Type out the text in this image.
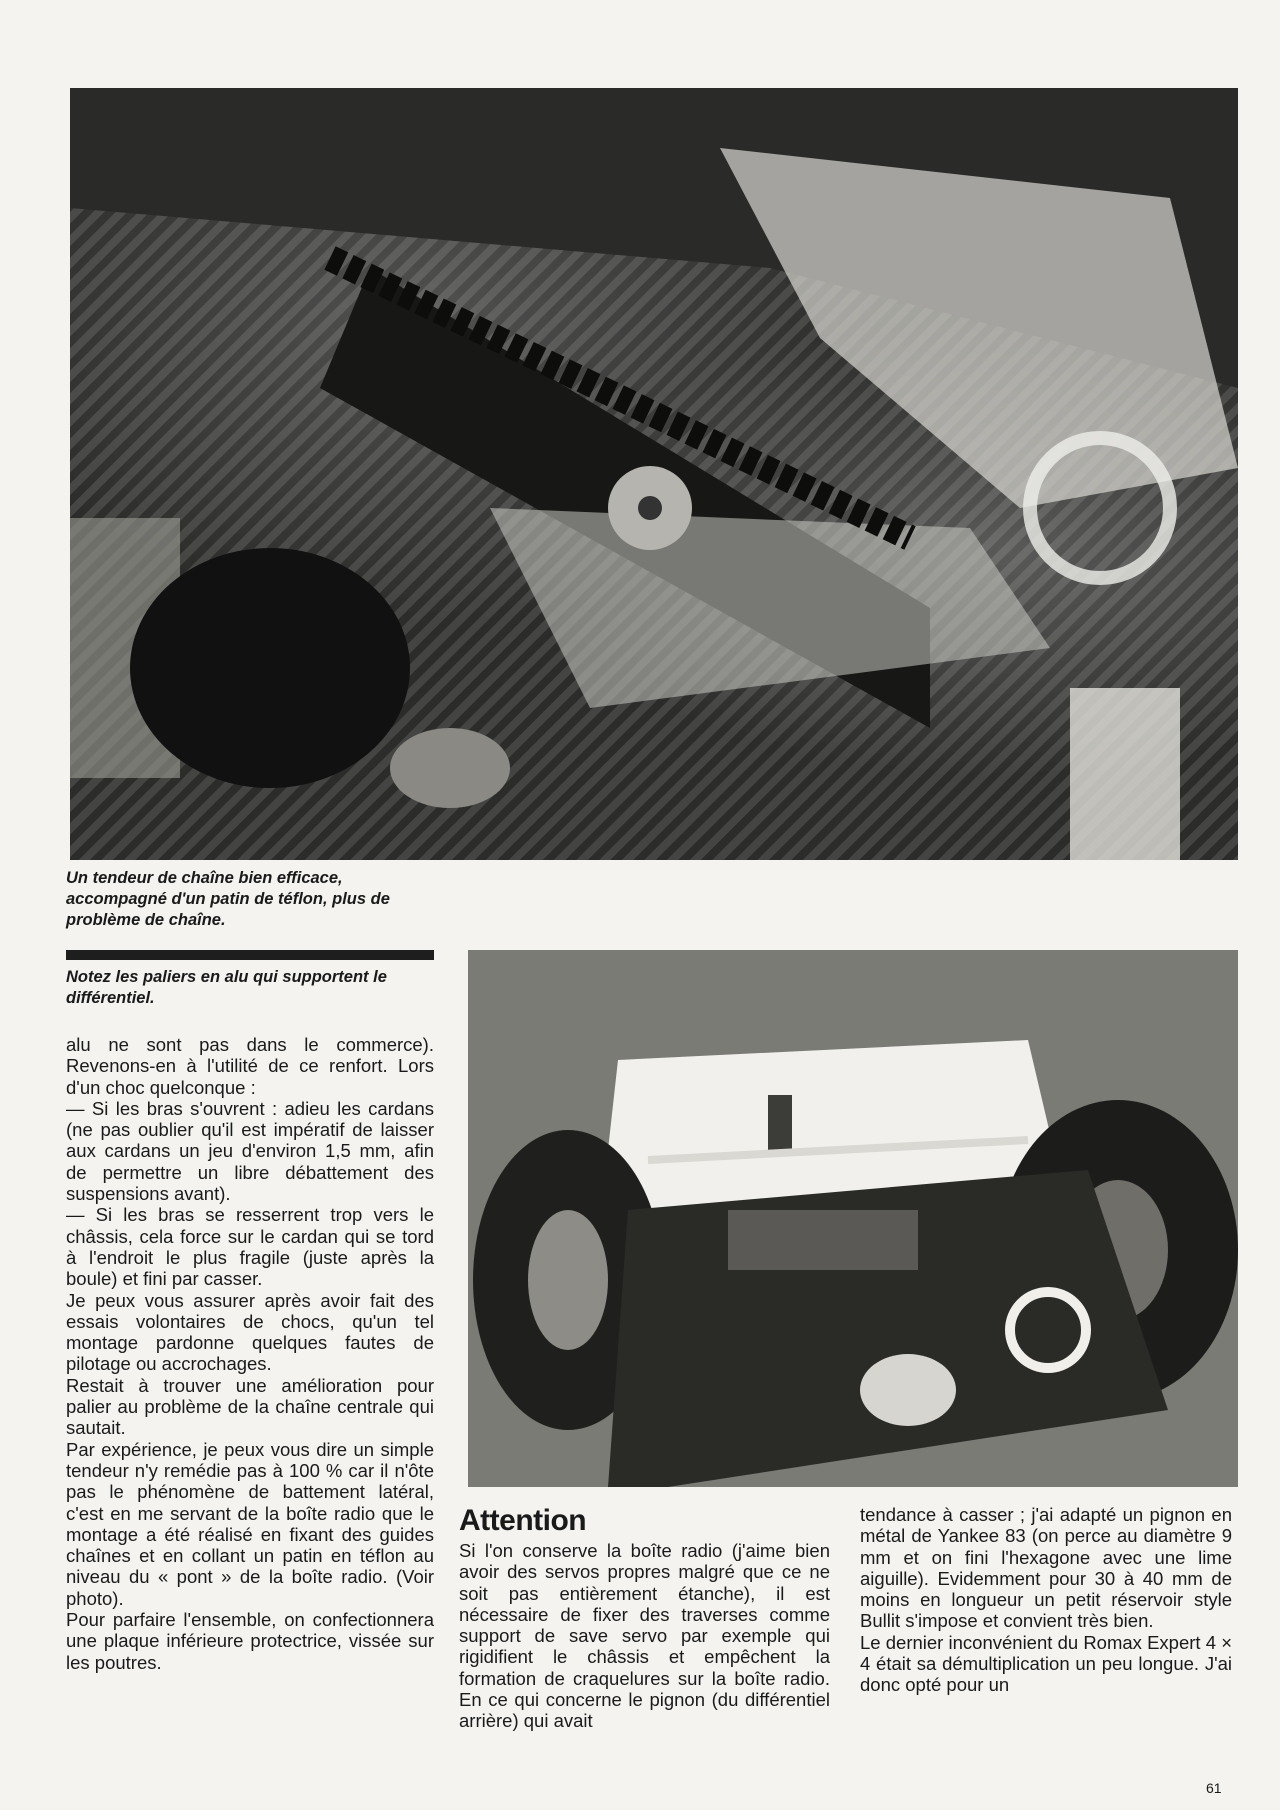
Un tendeur de chaîne bien efficace, accompagné d'un patin de téflon, plus de problème de chaîne.
Notez les paliers en alu qui supportent le différentiel.

alu ne sont pas dans le commerce). Revenons-en à l'utilité de ce renfort. Lors d'un choc quelconque :

— Si les bras s'ouvrent : adieu les cardans (ne pas oublier qu'il est impératif de laisser aux cardans un jeu d'environ 1,5 mm, afin de permettre un libre débattement des suspensions avant).

— Si les bras se resserrent trop vers le châssis, cela force sur le cardan qui se tord à l'endroit le plus fragile (juste après la boule) et fini par casser.

Je peux vous assurer après avoir fait des essais volontaires de chocs, qu'un tel montage pardonne quelques fautes de pilotage ou accrochages.

Restait à trouver une amélioration pour palier au problème de la chaîne centrale qui sautait.

Par expérience, je peux vous dire un simple tendeur n'y remédie pas à 100 % car il n'ôte pas le phénomène de battement latéral, c'est en me servant de la boîte radio que le montage a été réalisé en fixant des guides chaînes et en collant un patin en téflon au niveau du « pont » de la boîte radio. (Voir photo).

Pour parfaire l'ensemble, on confectionnera une plaque inférieure protectrice, vissée sur les poutres.

Attention

Si l'on conserve la boîte radio (j'aime bien avoir des servos propres malgré que ce ne soit pas entièrement étanche), il est nécessaire de fixer des traverses comme support de save servo par exemple qui rigidifient le châssis et empêchent la formation de craquelures sur la boîte radio. En ce qui concerne le pignon (du différentiel arrière) qui avait

tendance à casser ; j'ai adapté un pignon en métal de Yankee 83 (on perce au diamètre 9 mm et on fini l'hexagone avec une lime aiguille). Evidemment pour 30 à 40 mm de moins en longueur un petit réservoir style Bullit s'impose et convient très bien.

Le dernier inconvénient du Romax Expert 4 × 4 était sa démultiplication un peu longue. J'ai donc opté pour un

61
